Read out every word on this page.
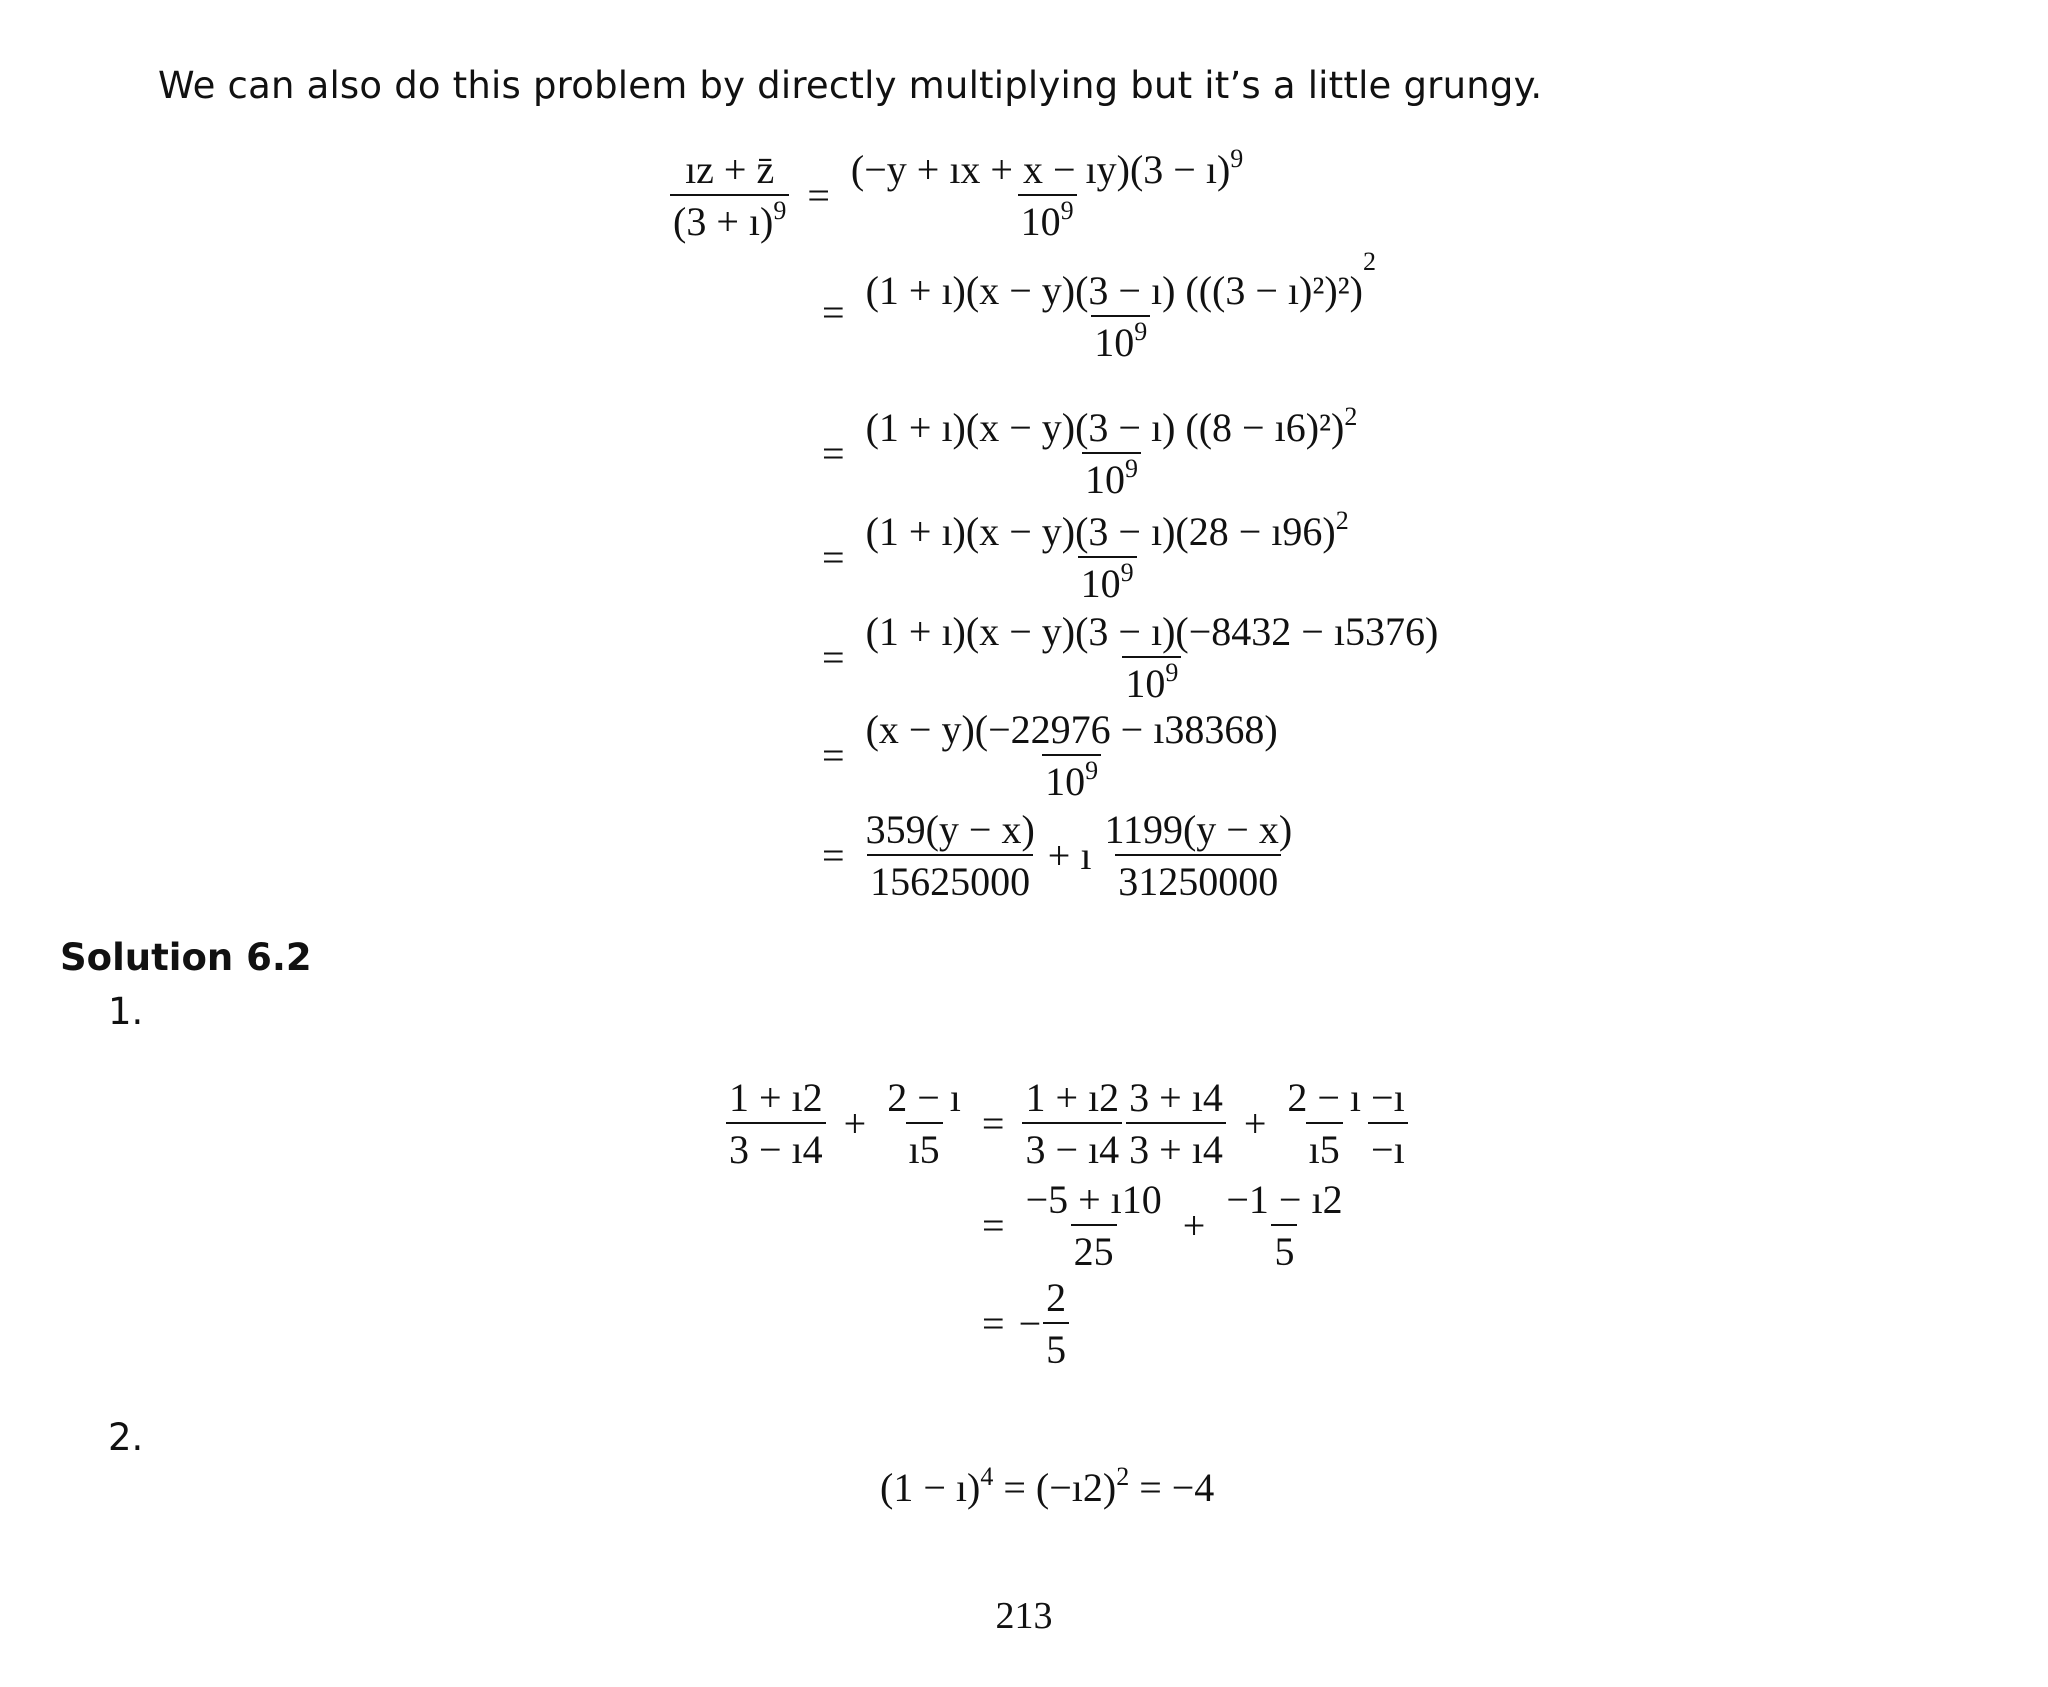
We can also do this problem by directly multiplying but it’s a little grungy.
$\frac{ız + z̄}{(3 + ı)^9} = \frac{(-y + ıx + x - ıy)(3 - ı)^9}{10^9}$
= $\frac{(1 + ı)(x - y)(3 - ı) (((3 - ı)^2)^2)^2}{10^9}$
= $\frac{(1 + ı)(x - y)(3 - ı) ((8 - ı6)^2)^2}{10^9}$
= $\frac{(1 + ı)(x - y)(3 - ı)(28 - ı96)^2}{10^9}$
= $\frac{(1 + ı)(x - y)(3 - ı)(-8432 - ı5376)}{10^9}$
= $\frac{(x - y)(-22976 - ı38368)}{10^9}$
= $\frac{359(y - x)}{15625000}$ + ı $\frac{1199(y - x)}{31250000}$
Solution 6.2
1.
$\frac{1 + ı2}{3 - ı4} + \frac{2 - ı}{ı5} = \frac{1 + ı2}{3 - ı4} \frac{3 + ı4}{3 + ı4} + \frac{2 - ı}{ı5} \frac{-ı}{-ı}$
= $\frac{-5 + ı10}{25} + \frac{-1 - ı2}{5}$
= − $\frac{2}{5}$
2.
(1 − ı)$^4$ = (−ı2)$^2$ = −4
213
